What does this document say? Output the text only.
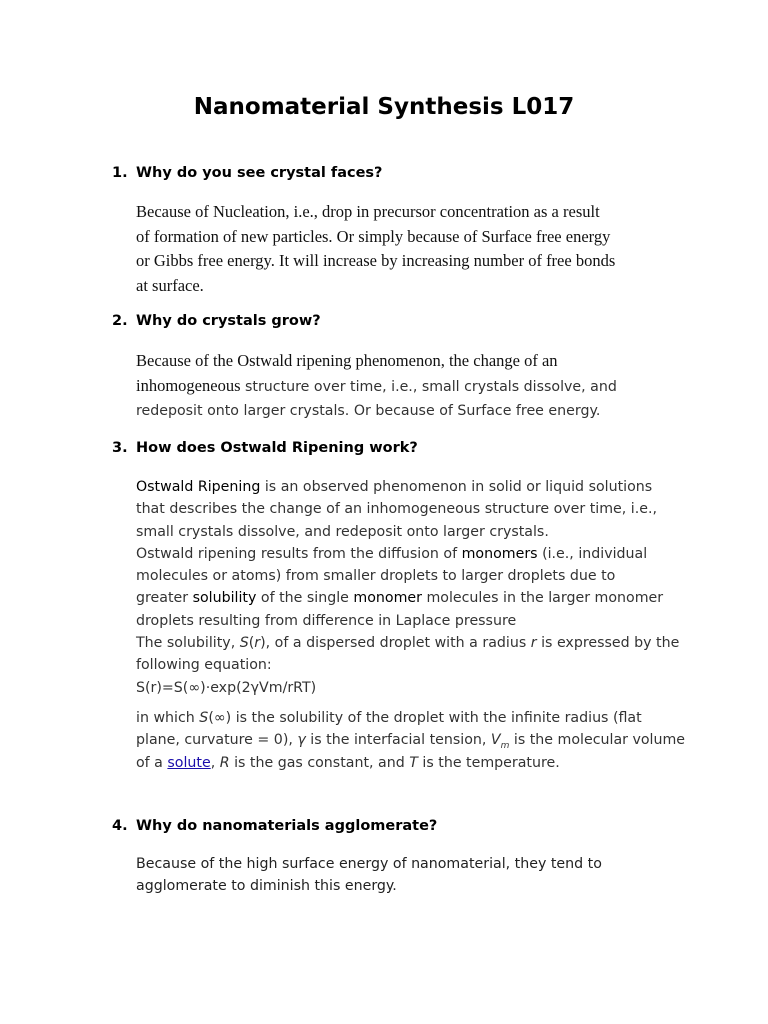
Nanomaterial Synthesis L017
1. Why do you see crystal faces?
Because of Nucleation, i.e., drop in precursor concentration as a result
of formation of new particles. Or simply because of Surface free energy
or Gibbs free energy. It will increase by increasing number of free bonds
at surface.
2. Why do crystals grow?
Because of the Ostwald ripening phenomenon, the change of an
inhomogeneous structure over time, i.e., small crystals dissolve, and
redeposit onto larger crystals. Or because of Surface free energy.
3. How does Ostwald Ripening work?
Ostwald Ripening is an observed phenomenon in solid or liquid solutions
that describes the change of an inhomogeneous structure over time, i.e.,
small crystals dissolve, and redeposit onto larger crystals.
Ostwald ripening results from the diffusion of monomers (i.e., individual
molecules or atoms) from smaller droplets to larger droplets due to
greater solubility of the single monomer molecules in the larger monomer
droplets resulting from difference in Laplace pressure
The solubility, S(r), of a dispersed droplet with a radius r is expressed by the
following equation:
S(r)=S(∞)·exp(2γVm/rRT)
in which S(∞) is the solubility of the droplet with the infinite radius (flat
plane, curvature = 0), γ is the interfacial tension, $V_m$ is the molecular volume
of a solute, R is the gas constant, and T is the temperature.
4. Why do nanomaterials agglomerate?
Because of the high surface energy of nanomaterial, they tend to
agglomerate to diminish this energy.
